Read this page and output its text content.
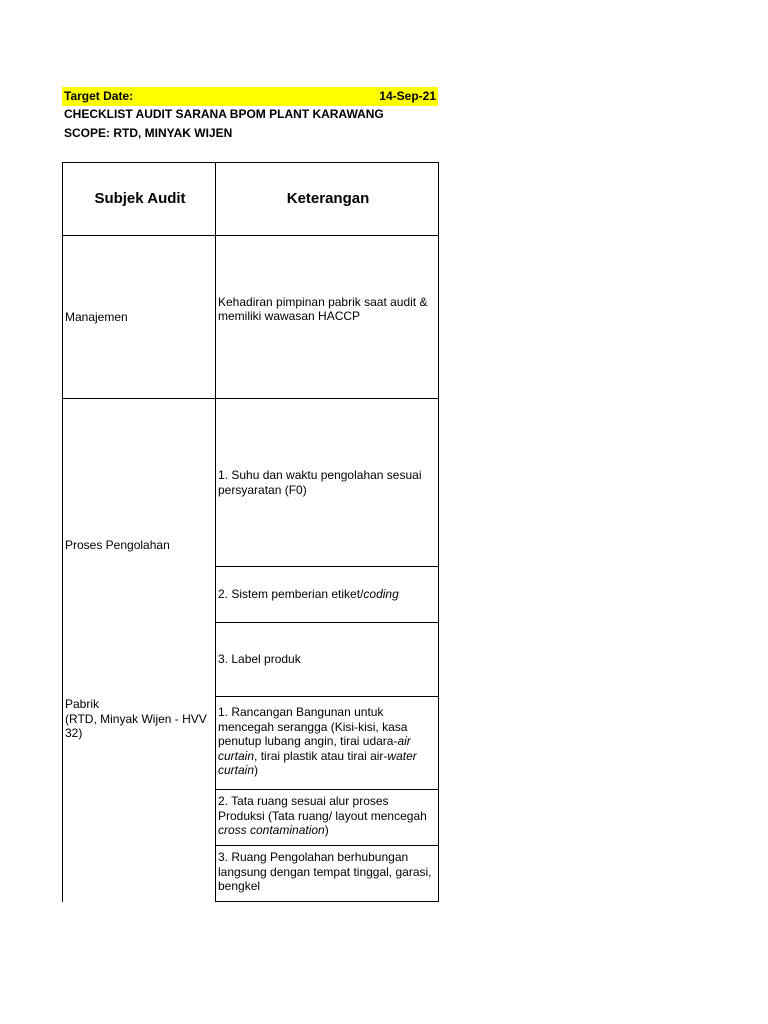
Target Date:	14-Sep-21
CHECKLIST AUDIT SARANA BPOM PLANT KARAWANG
SCOPE: RTD, MINYAK WIJEN
Subjek Audit	Keterangan
Manajemen
Kehadiran pimpinan pabrik saat audit & memiliki wawasan HACCP
Proses Pengolahan
1. Suhu dan waktu pengolahan sesuai persyaratan (F0)
2. Sistem pemberian etiket/coding
3. Label produk
Pabrik
(RTD, Minyak Wijen - HVV 32)
1. Rancangan Bangunan untuk mencegah serangga (Kisi-kisi, kasa penutup lubang angin, tirai udara-air curtain, tirai plastik atau tirai air-water curtain)
2. Tata ruang sesuai alur proses Produksi (Tata ruang/ layout mencegah cross contamination)
3. Ruang Pengolahan berhubungan langsung dengan tempat tinggal, garasi, bengkel
